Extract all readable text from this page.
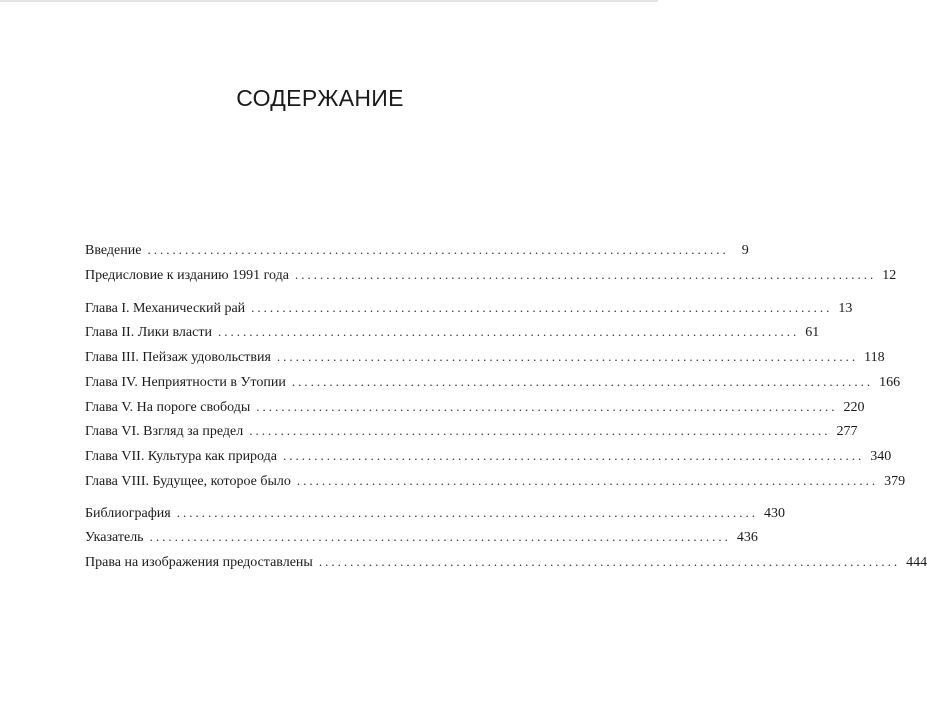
СОДЕРЖАНИЕ
Введение ............................................................................................. 9
Предисловие к изданию 1991 года ............................................................................................. 12
Глава I. Механический рай ............................................................................................. 13
Глава II. Лики власти ............................................................................................. 61
Глава III. Пейзаж удовольствия ............................................................................................. 118
Глава IV. Неприятности в Утопии ............................................................................................. 166
Глава V. На пороге свободы ............................................................................................. 220
Глава VI. Взгляд за предел ............................................................................................. 277
Глава VII. Культура как природа ............................................................................................. 340
Глава VIII. Будущее, которое было ............................................................................................. 379
Библиография ............................................................................................. 430
Указатель ............................................................................................. 436
Права на изображения предоставлены ............................................................................................. 444
